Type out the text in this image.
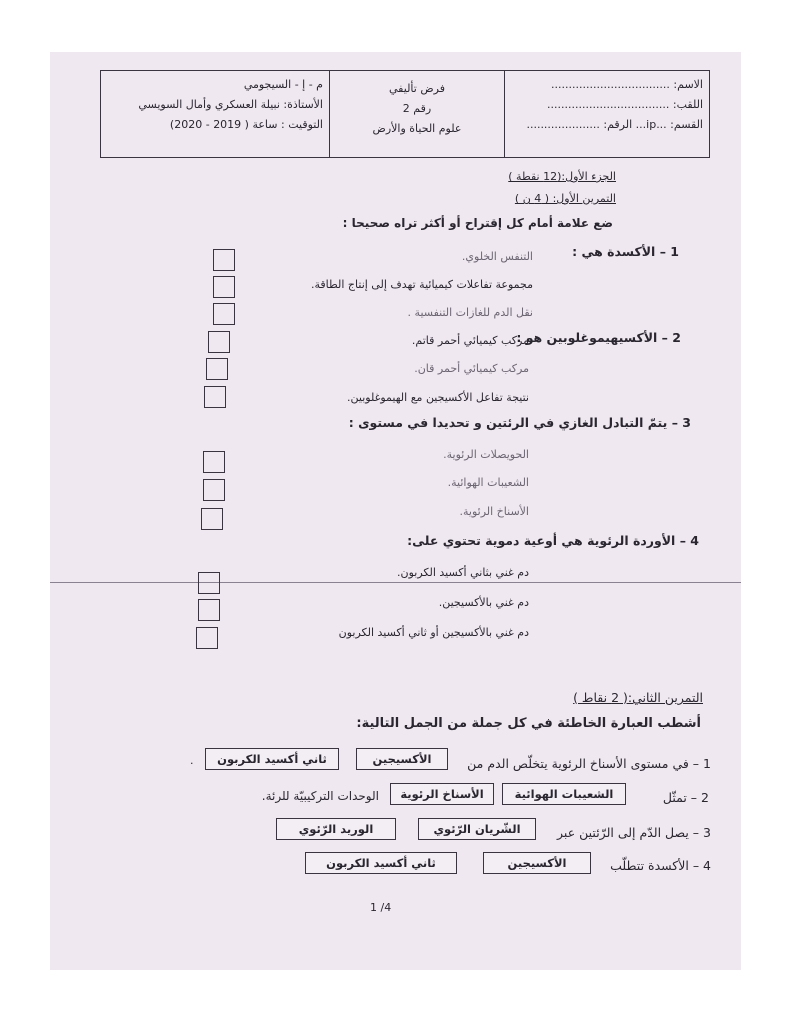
الاسم: ..................................
اللقب: ...................................
القسم: ...ip... الرقم: .....................
فرض تأليفي
رقم 2
علوم الحياة والأرض
م - إ - السيجومي
الأستاذة: نبيلة العسكري وأمال السويسي
التوقيت : ساعة ( 2019 - 2020)
الجزء الأول:(12 نقطة )
التمرين الأول: ( 4 ن )
ضع علامة أمام كل إقتراح أو أكثر تراه صحيحا :
1 – الأكسدة هي :
التنفس الخلوي.
مجموعة تفاعلات كيميائية تهدف إلى إنتاج الطاقة.
نقل الدم للغازات التنفسية .
2 – الأكسيهيموغلوبين هو :
مركب كيميائي أحمر قاتم.
مركب كيميائي أحمر قان.
نتيجة تفاعل الأكسيجين مع الهيموغلوبين.
3 – يتمّ التبادل الغازي في الرئتين و تحديدا في مستوى :
الحويصلات الرئوية.
الشعيبات الهوائية.
الأسناخ الرئوية.
4 – الأوردة الرئوية هي أوعية دموية تحتوي على:
دم غني بثاني أكسيد الكربون.
دم غني بالأكسيجين.
دم غني بالأكسيجين أو ثاني أكسيد الكربون
التمرين الثاني:( 2 نقاط )
أشطب العبارة الخاطئة في كل جملة من الجمل التالية:
1 – في مستوى الأسناخ الرئوية يتخلّص الدم من
الأكسيجين
ثاني أكسيد الكربون
.
2 – تمثّل
الشعيبات الهوائية
الأسناخ الرئوية
الوحدات التركيبيّة للرئة.
3 – يصل الدّم إلى الرّئتين عبر
الشّريان الرّئوي
الوريد الرّئوي
4 – الأكسدة تتطلّب
الأكسيجين
ثاني أكسيد الكربون
1 /4
